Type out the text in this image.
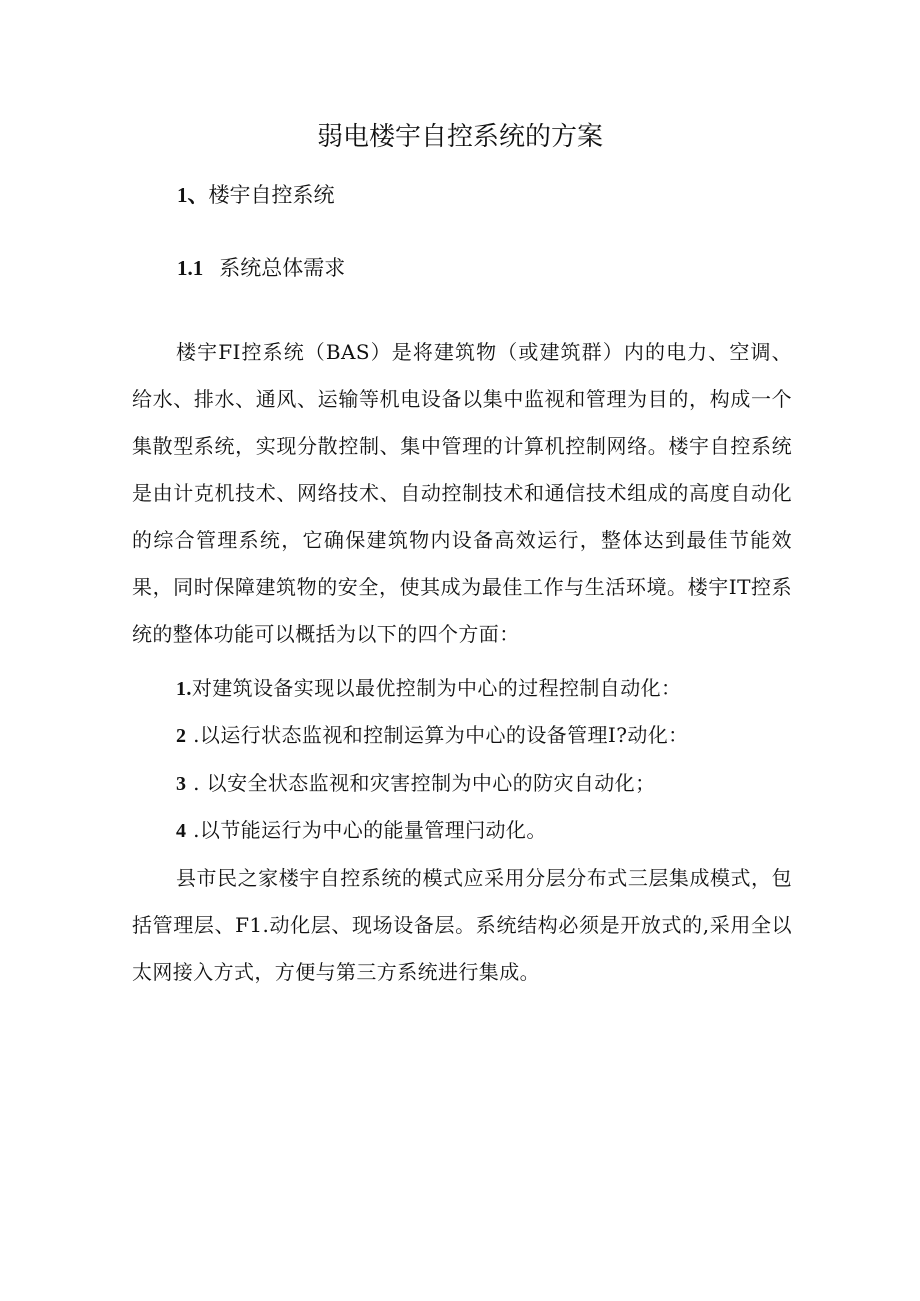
弱电楼宇自控系统的方案
1、楼宇自控系统
1.1 系统总体需求

楼宇FI控系统（BAS）是将建筑物（或建筑群）内的电力、空调、给水、排水、通风、运输等机电设备以集中监视和管理为目的，构成一个集散型系统，实现分散控制、集中管理的计算机控制网络。楼宇自控系统是由计克机技术、网络技术、自动控制技术和通信技术组成的高度自动化的综合管理系统，它确保建筑物内设备高效运行，整体达到最佳节能效果，同时保障建筑物的安全，使其成为最佳工作与生活环境。楼宇IT控系统的整体功能可以概括为以下的四个方面：

1.对建筑设备实现以最优控制为中心的过程控制自动化：

2 .以运行状态监视和控制运算为中心的设备管理I?动化：

3 . 以安全状态监视和灾害控制为中心的防灾自动化；

4 .以节能运行为中心的能量管理闩动化。

县市民之家楼宇自控系统的模式应采用分层分布式三层集成模式，包括管理层、F1.动化层、现场设备层。系统结构必须是开放式的,采用全以太网接入方式，方便与第三方系统进行集成。
